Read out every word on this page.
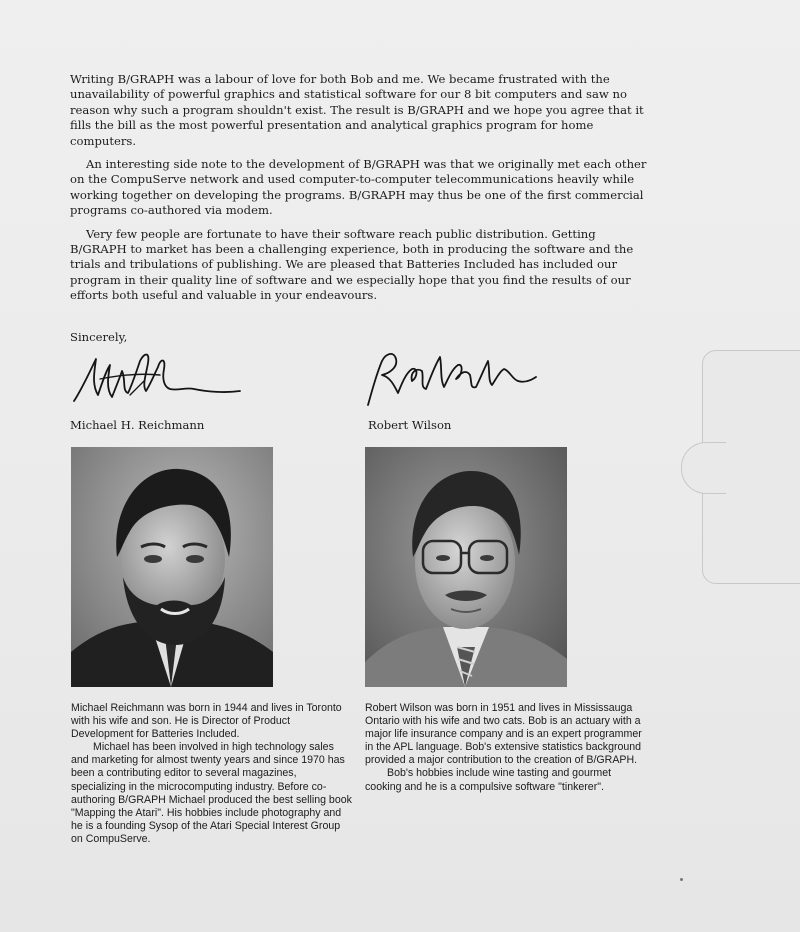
Writing B/GRAPH was a labour of love for both Bob and me. We became frustrated with the unavailability of powerful graphics and statistical software for our 8 bit computers and saw no reason why such a program shouldn't exist. The result is B/GRAPH and we hope you agree that it fills the bill as the most powerful presentation and analytical graphics program for home computers.

An interesting side note to the development of B/GRAPH was that we originally met each other on the CompuServe network and used computer-to-computer telecommunications heavily while working together on developing the programs. B/GRAPH may thus be one of the first commercial programs co-authored via modem.

Very few people are fortunate to have their software reach public distribution. Getting B/GRAPH to market has been a challenging experience, both in producing the software and the trials and tribulations of publishing. We are pleased that Batteries Included has included our program in their quality line of software and we especially hope that you find the results of our efforts both useful and valuable in your endeavours.

Sincerely,
Michael H. Reichmann	Robert Wilson

Michael Reichmann was born in 1944 and lives in Toronto with his wife and son. He is Director of Product Development for Batteries Included.

Michael has been involved in high technology sales and marketing for almost twenty years and since 1970 has been a contributing editor to several magazines, specializing in the microcomputing industry. Before co-authoring B/GRAPH Michael produced the best selling book "Mapping the Atari". His hobbies include photography and he is a founding Sysop of the Atari Special Interest Group on CompuServe.

Robert Wilson was born in 1951 and lives in Mississauga Ontario with his wife and two cats. Bob is an actuary with a major life insurance company and is an expert programmer in the APL language. Bob's extensive statistics background provided a major contribution to the creation of B/GRAPH.

Bob's hobbies include wine tasting and gourmet cooking and he is a compulsive software "tinkerer".
